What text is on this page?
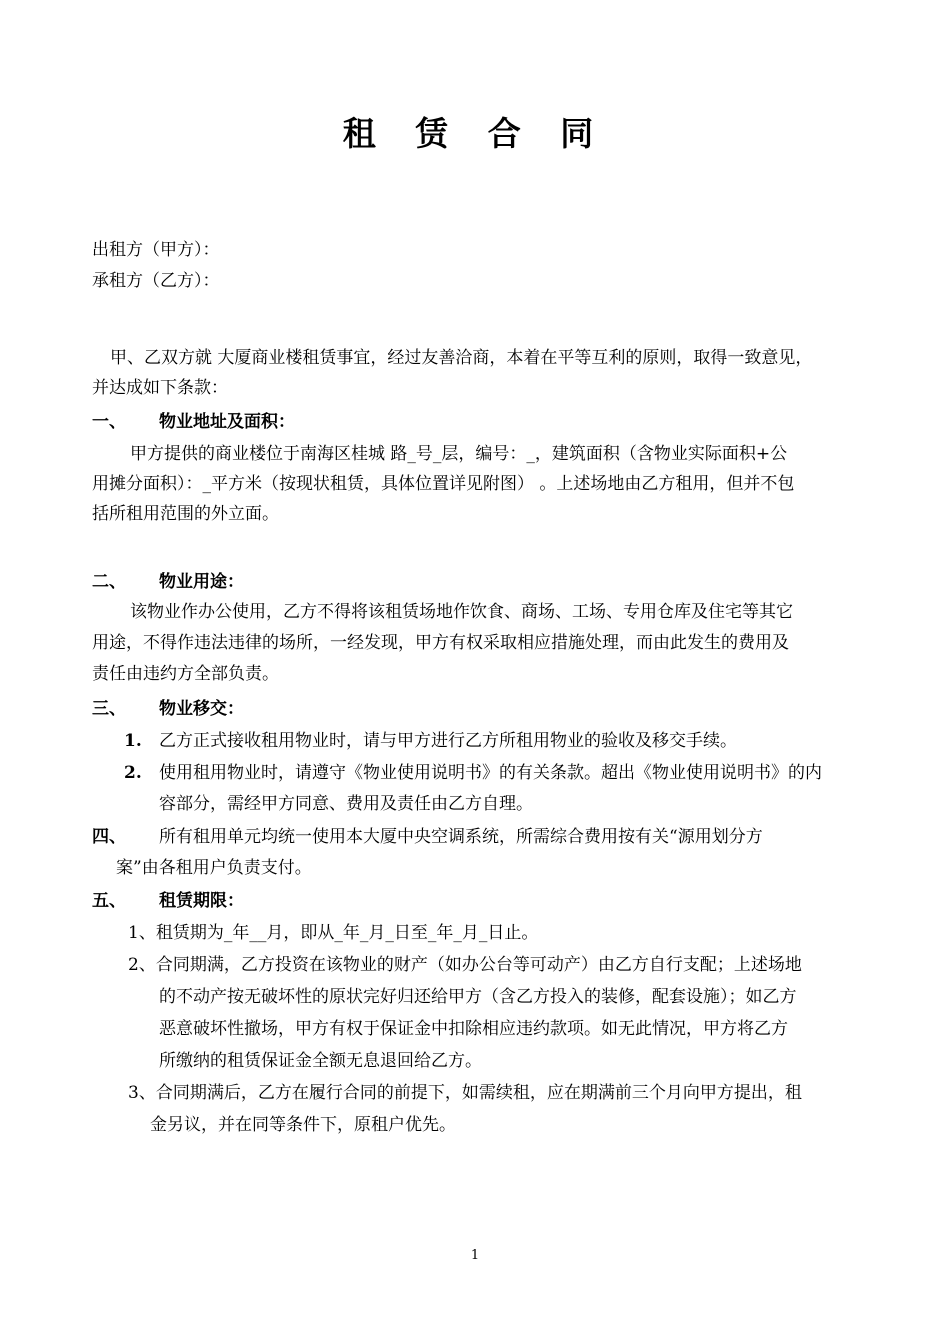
租 赁 合 同
出租方（甲方）：
承租方（乙方）：
甲、乙双方就 大厦商业楼租赁事宜，经过友善洽商，本着在平等互利的原则，取得一致意见，
并达成如下条款：
一、 物业地址及面积：
甲方提供的商业楼位于南海区桂城 路_号_层，编号：_，建筑面积（含物业实际面积+公
用摊分面积）：_平方米（按现状租赁，具体位置详见附图） 。上述场地由乙方租用，但并不包
括所租用范围的外立面。
二、 物业用途：
该物业作办公使用，乙方不得将该租赁场地作饮食、商场、工场、专用仓库及住宅等其它
用途，不得作违法违律的场所，一经发现，甲方有权采取相应措施处理，而由此发生的费用及
责任由违约方全部负责。
三、 物业移交：
1. 乙方正式接收租用物业时，请与甲方进行乙方所租用物业的验收及移交手续。
2. 使用租用物业时，请遵守《物业使用说明书》的有关条款。超出《物业使用说明书》的内
容部分，需经甲方同意、费用及责任由乙方自理。
四、 所有租用单元均统一使用本大厦中央空调系统，所需综合费用按有关“源用划分方
案”由各租用户负责支付。
五、 租赁期限：
1、租赁期为_年__月，即从_年_月_日至_年_月_日止。
2、合同期满，乙方投资在该物业的财产（如办公台等可动产）由乙方自行支配；上述场地
的不动产按无破坏性的原状完好归还给甲方（含乙方投入的装修，配套设施）；如乙方
恶意破坏性撤场，甲方有权于保证金中扣除相应违约款项。如无此情况，甲方将乙方
所缴纳的租赁保证金全额无息退回给乙方。
3、合同期满后，乙方在履行合同的前提下，如需续租，应在期满前三个月向甲方提出，租
金另议，并在同等条件下，原租户优先。
1
